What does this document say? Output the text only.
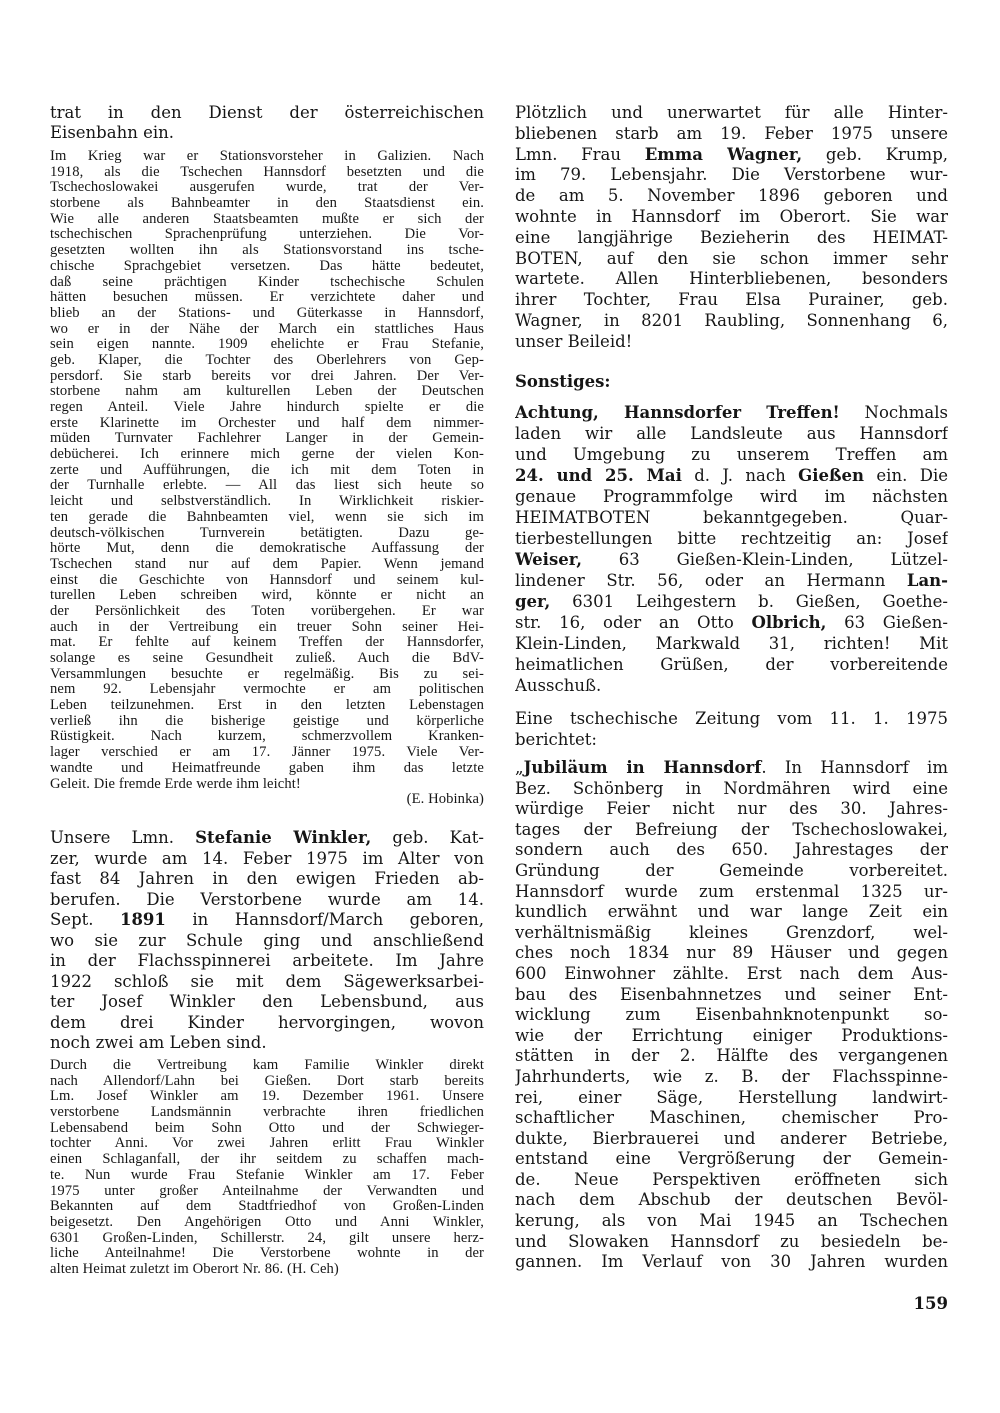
trat in den Dienst der österreichischen
Eisenbahn ein.
Im Krieg war er Stationsvorsteher in Galizien. Nach
1918, als die Tschechen Hannsdorf besetzten und die
Tschechoslowakei ausgerufen wurde, trat der Ver-
storbene als Bahnbeamter in den Staatsdienst ein.
Wie alle anderen Staatsbeamten mußte er sich der
tschechischen Sprachenprüfung unterziehen. Die Vor-
gesetzten wollten ihn als Stationsvorstand ins tsche-
chische Sprachgebiet versetzen. Das hätte bedeutet,
daß seine prächtigen Kinder tschechische Schulen
hätten besuchen müssen. Er verzichtete daher und
blieb an der Stations- und Güterkasse in Hannsdorf,
wo er in der Nähe der March ein stattliches Haus
sein eigen nannte. 1909 ehelichte er Frau Stefanie,
geb. Klaper, die Tochter des Oberlehrers von Gep-
persdorf. Sie starb bereits vor drei Jahren. Der Ver-
storbene nahm am kulturellen Leben der Deutschen
regen Anteil. Viele Jahre hindurch spielte er die
erste Klarinette im Orchester und half dem nimmer-
müden Turnvater Fachlehrer Langer in der Gemein-
debücherei. Ich erinnere mich gerne der vielen Kon-
zerte und Aufführungen, die ich mit dem Toten in
der Turnhalle erlebte. — All das liest sich heute so
leicht und selbstverständlich. In Wirklichkeit riskier-
ten gerade die Bahnbeamten viel, wenn sie sich im
deutsch-völkischen Turnverein betätigten. Dazu ge-
hörte Mut, denn die demokratische Auffassung der
Tschechen stand nur auf dem Papier. Wenn jemand
einst die Geschichte von Hannsdorf und seinem kul-
turellen Leben schreiben wird, könnte er nicht an
der Persönlichkeit des Toten vorübergehen. Er war
auch in der Vertreibung ein treuer Sohn seiner Hei-
mat. Er fehlte auf keinem Treffen der Hannsdorfer,
solange es seine Gesundheit zuließ. Auch die BdV-
Versammlungen besuchte er regelmäßig. Bis zu sei-
nem 92. Lebensjahr vermochte er am politischen
Leben teilzunehmen. Erst in den letzten Lebenstagen
verließ ihn die bisherige geistige und körperliche
Rüstigkeit. Nach kurzem, schmerzvollem Kranken-
lager verschied er am 17. Jänner 1975. Viele Ver-
wandte und Heimatfreunde gaben ihm das letzte
Geleit. Die fremde Erde werde ihm leicht!
(E. Hobinka)
Unsere Lmn. Stefanie Winkler, geb. Kat-
zer, wurde am 14. Feber 1975 im Alter von
fast 84 Jahren in den ewigen Frieden ab-
berufen. Die Verstorbene wurde am 14.
Sept. 1891 in Hannsdorf/March geboren,
wo sie zur Schule ging und anschließend
in der Flachsspinnerei arbeitete. Im Jahre
1922 schloß sie mit dem Sägewerksarbei-
ter Josef Winkler den Lebensbund, aus
dem drei Kinder hervorgingen, wovon
noch zwei am Leben sind.
Durch die Vertreibung kam Familie Winkler direkt
nach Allendorf/Lahn bei Gießen. Dort starb bereits
Lm. Josef Winkler am 19. Dezember 1961. Unsere
verstorbene Landsmännin verbrachte ihren friedlichen
Lebensabend beim Sohn Otto und der Schwieger-
tochter Anni. Vor zwei Jahren erlitt Frau Winkler
einen Schlaganfall, der ihr seitdem zu schaffen mach-
te. Nun wurde Frau Stefanie Winkler am 17. Feber
1975 unter großer Anteilnahme der Verwandten und
Bekannten auf dem Stadtfriedhof von Großen-Linden
beigesetzt. Den Angehörigen Otto und Anni Winkler,
6301 Großen-Linden, Schillerstr. 24, gilt unsere herz-
liche Anteilnahme! Die Verstorbene wohnte in der
alten Heimat zuletzt im Oberort Nr. 86. (H. Ceh)
Plötzlich und unerwartet für alle Hinter-
bliebenen starb am 19. Feber 1975 unsere
Lmn. Frau Emma Wagner, geb. Krump,
im 79. Lebensjahr. Die Verstorbene wur-
de am 5. November 1896 geboren und
wohnte in Hannsdorf im Oberort. Sie war
eine langjährige Bezieherin des HEIMAT-
BOTEN, auf den sie schon immer sehr
wartete. Allen Hinterbliebenen, besonders
ihrer Tochter, Frau Elsa Purainer, geb.
Wagner, in 8201 Raubling, Sonnenhang 6,
unser Beileid!
Sonstiges:
Achtung, Hannsdorfer Treffen! Nochmals
laden wir alle Landsleute aus Hannsdorf
und Umgebung zu unserem Treffen am
24. und 25. Mai d. J. nach Gießen ein. Die
genaue Programmfolge wird im nächsten
HEIMATBOTEN bekanntgegeben. Quar-
tierbestellungen bitte rechtzeitig an: Josef
Weiser, 63 Gießen-Klein-Linden, Lützel-
lindener Str. 56, oder an Hermann Lan-
ger, 6301 Leihgestern b. Gießen, Goethe-
str. 16, oder an Otto Olbrich, 63 Gießen-
Klein-Linden, Markwald 31, richten! Mit
heimatlichen Grüßen, der vorbereitende
Ausschuß.
Eine tschechische Zeitung vom 11. 1. 1975
berichtet:
„Jubiläum in Hannsdorf. In Hannsdorf im
Bez. Schönberg in Nordmähren wird eine
würdige Feier nicht nur des 30. Jahres-
tages der Befreiung der Tschechoslowakei,
sondern auch des 650. Jahrestages der
Gründung der Gemeinde vorbereitet.
Hannsdorf wurde zum erstenmal 1325 ur-
kundlich erwähnt und war lange Zeit ein
verhältnismäßig kleines Grenzdorf, wel-
ches noch 1834 nur 89 Häuser und gegen
600 Einwohner zählte. Erst nach dem Aus-
bau des Eisenbahnnetzes und seiner Ent-
wicklung zum Eisenbahnknotenpunkt so-
wie der Errichtung einiger Produktions-
stätten in der 2. Hälfte des vergangenen
Jahrhunderts, wie z. B. der Flachsspinne-
rei, einer Säge, Herstellung landwirt-
schaftlicher Maschinen, chemischer Pro-
dukte, Bierbrauerei und anderer Betriebe,
entstand eine Vergrößerung der Gemein-
de. Neue Perspektiven eröffneten sich
nach dem Abschub der deutschen Bevöl-
kerung, als von Mai 1945 an Tschechen
und Slowaken Hannsdorf zu besiedeln be-
gannen. Im Verlauf von 30 Jahren wurden
159
